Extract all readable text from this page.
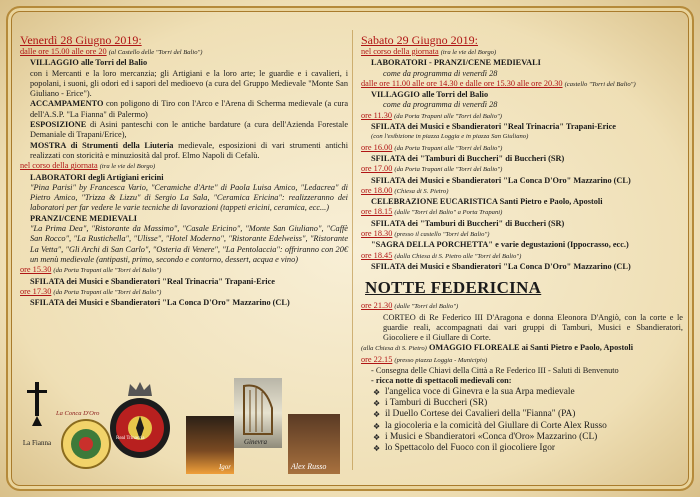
Venerdì 28 Giugno 2019:
dalle ore 15.00 alle ore 20 (al Castello delle "Torri del Balio")
VILLAGGIO alle Torri del Balio
con i Mercanti e la loro mercanzia; gli Artigiani e la loro arte; le guardie e i cavalieri, i popolani, i suoni, gli odori ed i sapori del medioevo (a cura del Gruppo Medievale "Monte San Giuliano - Erice").
ACCAMPAMENTO con poligono di Tiro con l'Arco e l'Arena di Scherma medievale (a cura dell'A.S.P. "La Fianna" di Palermo)
ESPOSIZIONE di Asini panteschi con le antiche bardature (a cura dell'Azienda Forestale Demaniale di Trapani/Erice),
MOSTRA di Strumenti della Liuteria medievale, esposizioni di vari strumenti antichi realizzati con storicità e minuziosità dal prof. Elmo Napoli di Cefalù.
nel corso della giornata (tra le vie del Borgo)
LABORATORI degli Artigiani ericini
"Pina Parisi" by Francesca Vario, "Ceramiche d'Arte" di Paola Luisa Amico, "Ledacrea" di Pietro Amico, "Trizza & Lizzu" di Sergio La Sala, "Ceramica Ericina": realizzeranno dei laboratori per far vedere le varie tecniche di lavorazioni (tappeti ericini, ceramica, ecc...)
PRANZI/CENE MEDIEVALI
"La Prima Dea", "Ristorante da Massimo", "Casale Ericino", "Monte San Giuliano", "Caffè San Rocco", "La Rustichella", "Ulisse", "Hotel Moderno", "Ristorante Edelweiss", "Ristorante La Vetta", "Gli Archi di San Carlo", "Osteria di Venere", "La Pentolaccia": offriranno con 20€ un menù medievale (antipasti, primo, secondo e contorno, dessert, acqua e vino)
ore 15.30 (da Porta Trapani alle "Torri del Balio")
SFILATA dei Musici e Sbandieratori "Real Trinacria" Trapani-Erice
ore 17.30 (da Porta Trapani alle "Torri del Balio")
SFILATA dei Musici e Sbandieratori "La Conca D'Oro" Mazzarino (CL)
La Fianna
La Conca D'Oro
Real Trinacria
Igor
Ginevra
Alex Russo
Sabato 29 Giugno 2019:
nel corso della giornata (tra le vie del Borgo)
LABORATORI - PRANZI/CENE MEDIEVALI
come da programma di venerdì 28
dalle ore 11.00 alle ore 14.30 e dalle ore 15.30 alle ore 20.30 (castello "Torri del Balio")
VILLAGGIO alle Torri del Balio
come da programma di venerdì 28
ore 11.30 (da Porta Trapani alle "Torri del Balio")
SFILATA dei Musici e Sbandieratori "Real Trinacria" Trapani-Erice
(con l'esibizione in piazza Loggia e in piazza San Giuliano)
ore 16.00 (da Porta Trapani alle "Torri del Balio")
SFILATA dei "Tamburi di Buccheri" di Buccheri (SR)
ore 17.00 (da Porta Trapani alle "Torri del Balio")
SFILATA dei Musici e Sbandieratori "La Conca D'Oro" Mazzarino (CL)
ore 18.00 (Chiesa di S. Pietro)
CELEBRAZIONE EUCARISTICA Santi Pietro e Paolo, Apostoli
ore 18.15 (dalle "Torri del Balio" a Porta Trapani)
SFILATA dei "Tamburi di Buccheri" di Buccheri (SR)
ore 18.30 (presso il castello "Torri del Balio")
"SAGRA DELLA PORCHETTA" e varie degustazioni (Ippocrasso, ecc.)
ore 18.45 (dalla Chiesa di S. Pietro alle "Torri del Balio")
SFILATA dei Musici e Sbandieratori "La Conca D'Oro" Mazzarino (CL)
NOTTE FEDERICINA
ore 21.30 (dalle "Torri del Balio")
CORTEO di Re Federico III D'Aragona e donna Eleonora D'Angiò, con la corte e le guardie reali, accompagnati dai vari gruppi di Tamburi, Musici e Sbandieratori, Giocoliere e il Giullare di Corte.
(alla Chiesa di S. Pietro) OMAGGIO FLOREALE ai Santi Pietro e Paolo, Apostoli
ore 22.15 (presso piazza Loggia - Municipio)
- Consegna delle Chiavi della Città a Re Federico III - Saluti di Benvenuto
- ricca notte di spettacoli medievali con:
❖ l'angelica voce di Ginevra e la sua Arpa medievale
❖ i Tamburi di Buccheri (SR)
❖ il Duello Cortese dei Cavalieri della "Fianna" (PA)
❖ la giocoleria e la comicità del Giullare di Corte Alex Russo
❖ i Musici e Sbandieratori «Conca d'Oro» Mazzarino (CL)
❖ lo Spettacolo del Fuoco con il giocoliere Igor
